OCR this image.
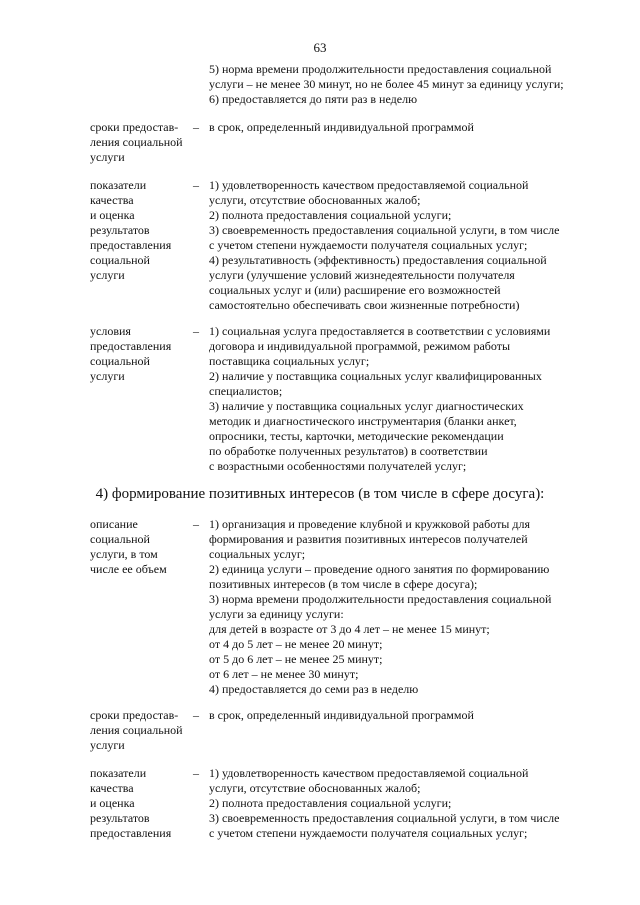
63
5) норма времени продолжительности предоставления социальной
услуги – не менее 30 минут, но не более 45 минут за единицу услуги;
6) предоставляется до пяти раз в неделю
сроки предостав-
ления социальной
услуги
– в срок, определенный индивидуальной программой
показатели
качества
и оценка
результатов
предоставления
социальной
услуги
– 1) удовлетворенность качеством предоставляемой социальной
услуги, отсутствие обоснованных жалоб;
2) полнота предоставления социальной услуги;
3) своевременность предоставления социальной услуги, в том числе
с учетом степени нуждаемости получателя социальных услуг;
4) результативность (эффективность) предоставления социальной
услуги (улучшение условий жизнедеятельности получателя
социальных услуг и (или) расширение его возможностей
самостоятельно обеспечивать свои жизненные потребности)
условия
предоставления
социальной
услуги
– 1) социальная услуга предоставляется в соответствии с условиями
договора и индивидуальной программой, режимом работы
поставщика социальных услуг;
2) наличие у поставщика социальных услуг квалифицированных
специалистов;
3) наличие у поставщика социальных услуг диагностических
методик и диагностического инструментария (бланки анкет,
опросники, тесты, карточки, методические рекомендации
по обработке полученных результатов) в соответствии
с возрастными особенностями получателей услуг;
4) формирование позитивных интересов (в том числе в сфере досуга):
описание
социальной
услуги, в том
числе ее объем
– 1) организация и проведение клубной и кружковой работы для
формирования и развития позитивных интересов получателей
социальных услуг;
2) единица услуги – проведение одного занятия по формированию
позитивных интересов (в том числе в сфере досуга);
3) норма времени продолжительности предоставления социальной
услуги за единицу услуги:
для детей в возрасте от 3 до 4 лет – не менее 15 минут;
от 4 до 5 лет – не менее 20 минут;
от 5 до 6 лет – не менее 25 минут;
от 6 лет – не менее 30 минут;
4) предоставляется до семи раз в неделю
сроки предостав-
ления социальной
услуги
– в срок, определенный индивидуальной программой
показатели
качества
и оценка
результатов
предоставления
– 1) удовлетворенность качеством предоставляемой социальной
услуги, отсутствие обоснованных жалоб;
2) полнота предоставления социальной услуги;
3) своевременность предоставления социальной услуги, в том числе
с учетом степени нуждаемости получателя социальных услуг;
